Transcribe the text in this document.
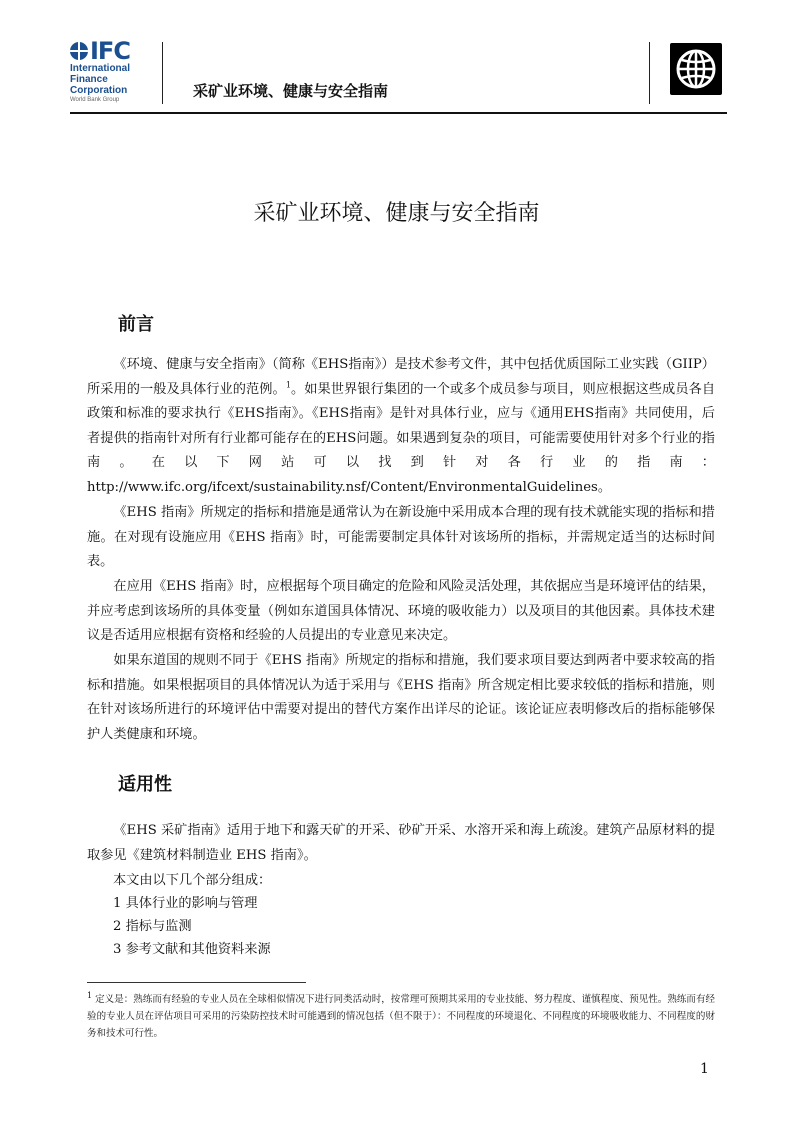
IFC
International
Finance
Corporation
World Bank Group	采矿业环境、健康与安全指南
采矿业环境、健康与安全指南
前言

《环境、健康与安全指南》（简称《EHS指南》）是技术参考文件，其中包括优质国际工业实践（GIIP）所采用的一般及具体行业的范例。$^1$。如果世界银行集团的一个或多个成员参与项目，则应根据这些成员各自政策和标准的要求执行《EHS指南》。《EHS指南》是针对具体行业，应与《通用EHS指南》共同使用，后者提供的指南针对所有行业都可能存在的EHS问题。如果遇到复杂的项目，可能需要使用针对多个行业的指南。在以下网站可以找到针对各行业的指南：http://www.ifc.org/ifcext/sustainability.nsf/Content/EnvironmentalGuidelines。

《EHS 指南》所规定的指标和措施是通常认为在新设施中采用成本合理的现有技术就能实现的指标和措施。在对现有设施应用《EHS 指南》时，可能需要制定具体针对该场所的指标，并需规定适当的达标时间表。

在应用《EHS 指南》时，应根据每个项目确定的危险和风险灵活处理，其依据应当是环境评估的结果，并应考虑到该场所的具体变量（例如东道国具体情况、环境的吸收能力）以及项目的其他因素。具体技术建议是否适用应根据有资格和经验的人员提出的专业意见来决定。

如果东道国的规则不同于《EHS 指南》所规定的指标和措施，我们要求项目要达到两者中要求较高的指标和措施。如果根据项目的具体情况认为适于采用与《EHS 指南》所含规定相比要求较低的指标和措施，则在针对该场所进行的环境评估中需要对提出的替代方案作出详尽的论证。该论证应表明修改后的指标能够保护人类健康和环境。

适用性

《EHS 采矿指南》适用于地下和露天矿的开采、砂矿开采、水溶开采和海上疏浚。建筑产品原材料的提取参见《建筑材料制造业 EHS 指南》。

本文由以下几个部分组成：
1 具体行业的影响与管理
2 指标与监测
3 参考文献和其他资料来源

$^1$ 定义是：熟练而有经验的专业人员在全球相似情况下进行同类活动时，按常理可预期其采用的专业技能、努力程度、谨慎程度、预见性。熟练而有经验的专业人员在评估项目可采用的污染防控技术时可能遇到的情况包括（但不限于）：不同程度的环境退化、不同程度的环境吸收能力、不同程度的财务和技术可行性。

1
